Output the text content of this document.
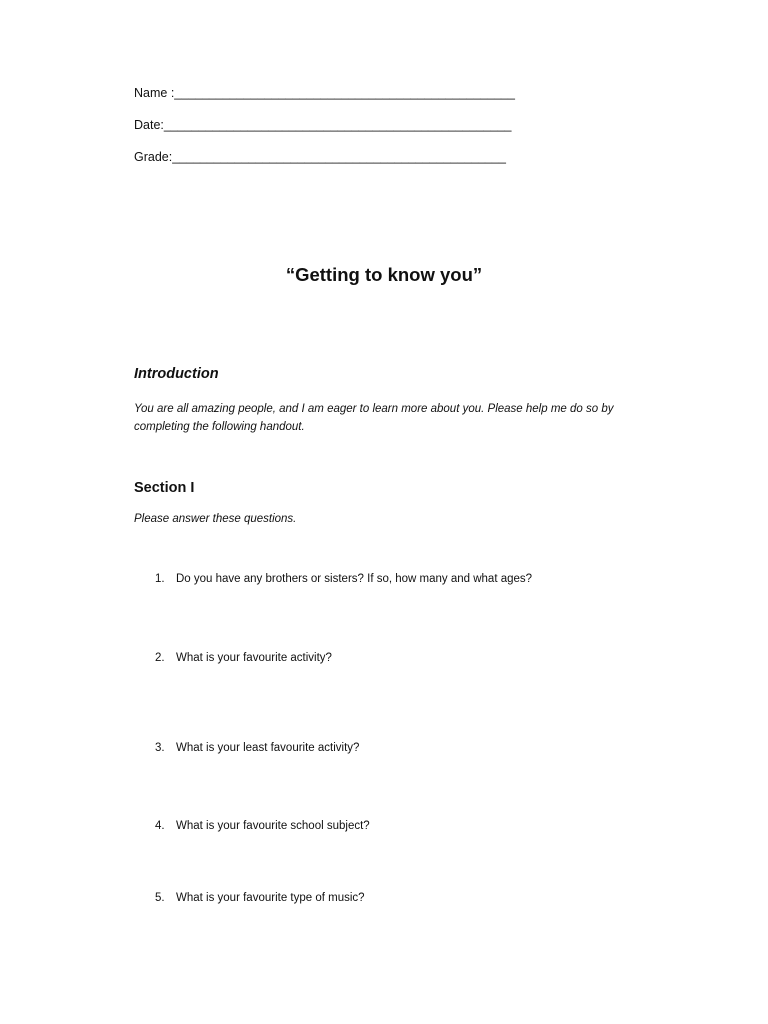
Name :_________________________________________________
Date:__________________________________________________
Grade:________________________________________________
“Getting to know you”
Introduction
You are all amazing people, and I am eager to learn more about you. Please help me do so by completing the following handout.
Section I
Please answer these questions.
1. Do you have any brothers or sisters? If so, how many and what ages?
2. What is your favourite activity?
3. What is your least favourite activity?
4. What is your favourite school subject?
5. What is your favourite type of music?
